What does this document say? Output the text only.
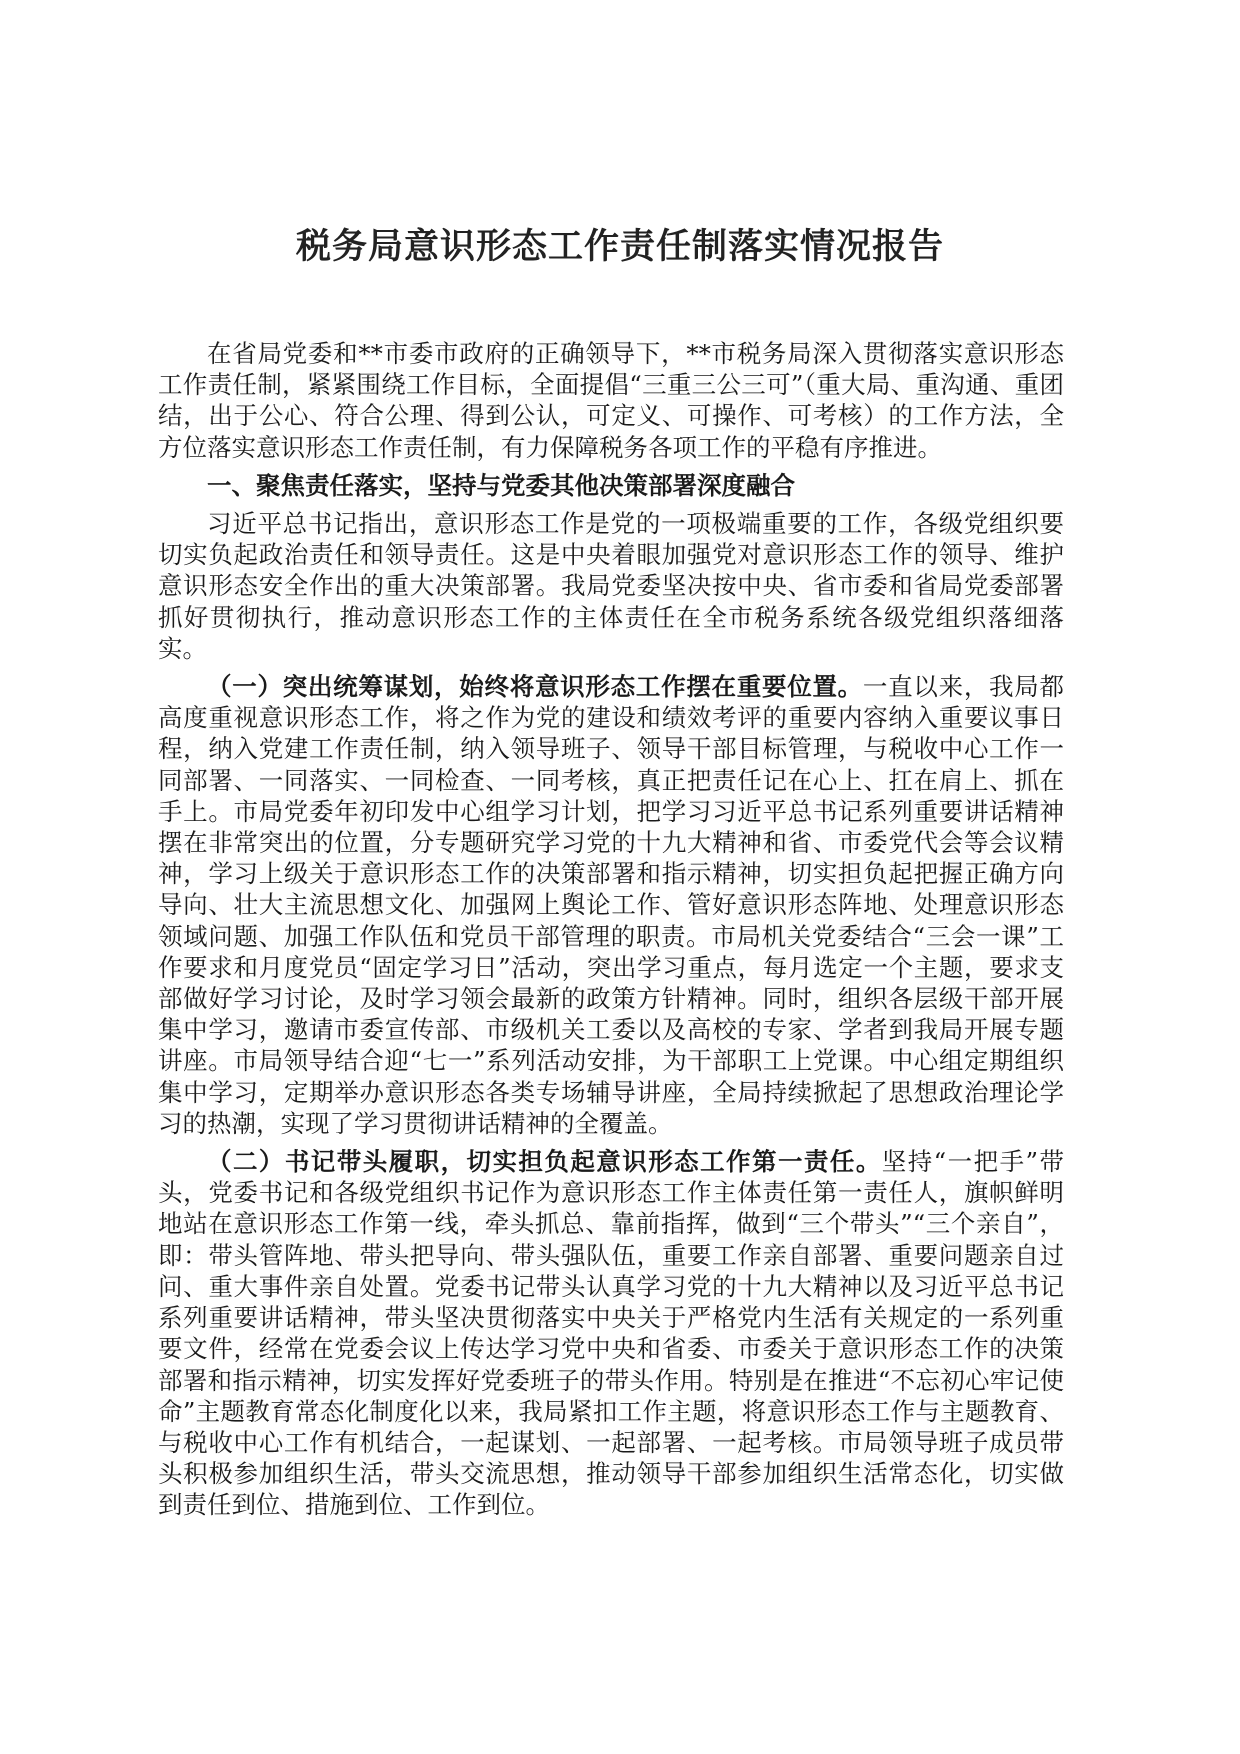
税务局意识形态工作责任制落实情况报告

在省局党委和**市委市政府的正确领导下，**市税务局深入贯彻落实意识形态工作责任制，紧紧围绕工作目标，全面提倡“三重三公三可”（重大局、重沟通、重团结，出于公心、符合公理、得到公认，可定义、可操作、可考核）的工作方法，全方位落实意识形态工作责任制，有力保障税务各项工作的平稳有序推进。

一、聚焦责任落实，坚持与党委其他决策部署深度融合

习近平总书记指出，意识形态工作是党的一项极端重要的工作，各级党组织要切实负起政治责任和领导责任。这是中央着眼加强党对意识形态工作的领导、维护意识形态安全作出的重大决策部署。我局党委坚决按中央、省市委和省局党委部署抓好贯彻执行，推动意识形态工作的主体责任在全市税务系统各级党组织落细落实。

（一）突出统筹谋划，始终将意识形态工作摆在重要位置。一直以来，我局都高度重视意识形态工作，将之作为党的建设和绩效考评的重要内容纳入重要议事日程，纳入党建工作责任制，纳入领导班子、领导干部目标管理，与税收中心工作一同部署、一同落实、一同检查、一同考核，真正把责任记在心上、扛在肩上、抓在手上。市局党委年初印发中心组学习计划，把学习习近平总书记系列重要讲话精神摆在非常突出的位置，分专题研究学习党的十九大精神和省、市委党代会等会议精神，学习上级关于意识形态工作的决策部署和指示精神，切实担负起把握正确方向导向、壮大主流思想文化、加强网上舆论工作、管好意识形态阵地、处理意识形态领域问题、加强工作队伍和党员干部管理的职责。市局机关党委结合“三会一课”工作要求和月度党员“固定学习日”活动，突出学习重点，每月选定一个主题，要求支部做好学习讨论，及时学习领会最新的政策方针精神。同时，组织各层级干部开展集中学习，邀请市委宣传部、市级机关工委以及高校的专家、学者到我局开展专题讲座。市局领导结合迎“七一”系列活动安排，为干部职工上党课。中心组定期组织集中学习，定期举办意识形态各类专场辅导讲座，全局持续掀起了思想政治理论学习的热潮，实现了学习贯彻讲话精神的全覆盖。

（二）书记带头履职，切实担负起意识形态工作第一责任。坚持“一把手”带头，党委书记和各级党组织书记作为意识形态工作主体责任第一责任人，旗帜鲜明地站在意识形态工作第一线，牵头抓总、靠前指挥，做到“三个带头”“三个亲自”，即：带头管阵地、带头把导向、带头强队伍，重要工作亲自部署、重要问题亲自过问、重大事件亲自处置。党委书记带头认真学习党的十九大精神以及习近平总书记系列重要讲话精神，带头坚决贯彻落实中央关于严格党内生活有关规定的一系列重要文件，经常在党委会议上传达学习党中央和省委、市委关于意识形态工作的决策部署和指示精神，切实发挥好党委班子的带头作用。特别是在推进“不忘初心牢记使命”主题教育常态化制度化以来，我局紧扣工作主题，将意识形态工作与主题教育、与税收中心工作有机结合，一起谋划、一起部署、一起考核。市局领导班子成员带头积极参加组织生活，带头交流思想，推动领导干部参加组织生活常态化，切实做到责任到位、措施到位、工作到位。
